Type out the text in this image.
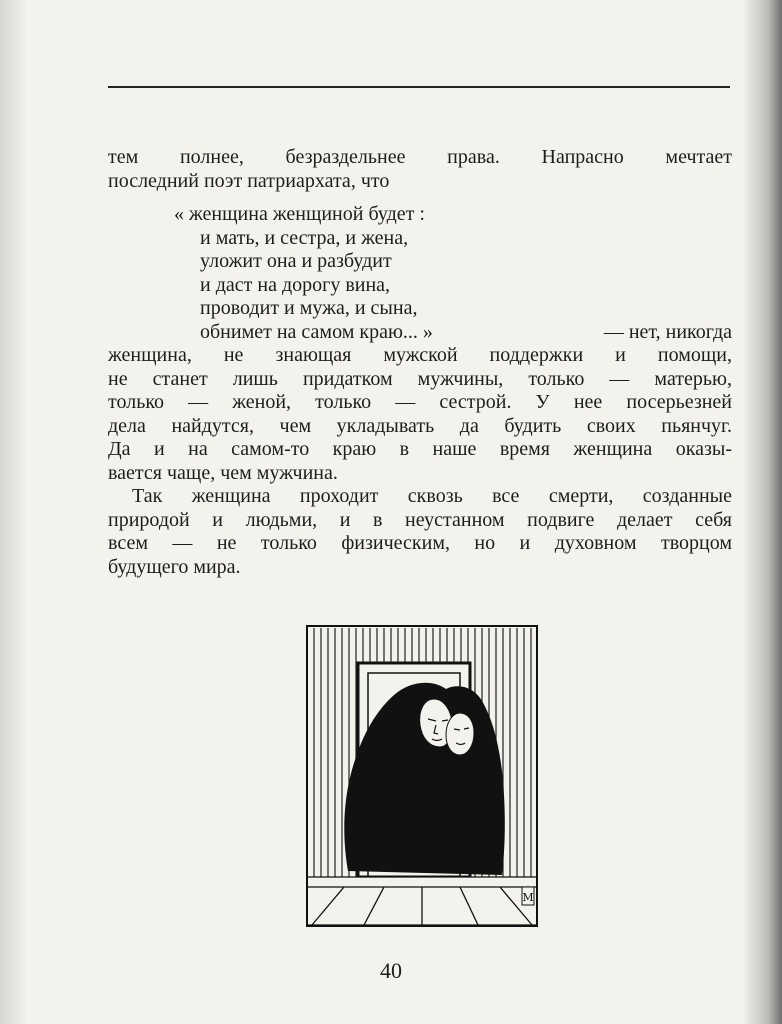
тем полнее, безраздельнее права. Напрасно мечтает
последний поэт патриархата, что
« женщина женщиной будет :
и мать, и сестра, и жена,
уложит она и разбудит
и даст на дорогу вина,
проводит и мужа, и сына,
обнимет на самом краю... »	— нет, никогда
женщина, не знающая мужской поддержки и помощи,
не станет лишь придатком мужчины, только — матерью,
только — женой, только — сестрой. У нее посерьезней
дела найдутся, чем укладывать да будить своих пьянчуг.
Да и на самом-то краю в наше время женщина оказы-
вается чаще, чем мужчина.
Так женщина проходит сквозь все смерти, созданные
природой и людьми, и в неустанном подвиге делает себя
всем — не только физическим, но и духовном творцом
будущего мира.
M
40
